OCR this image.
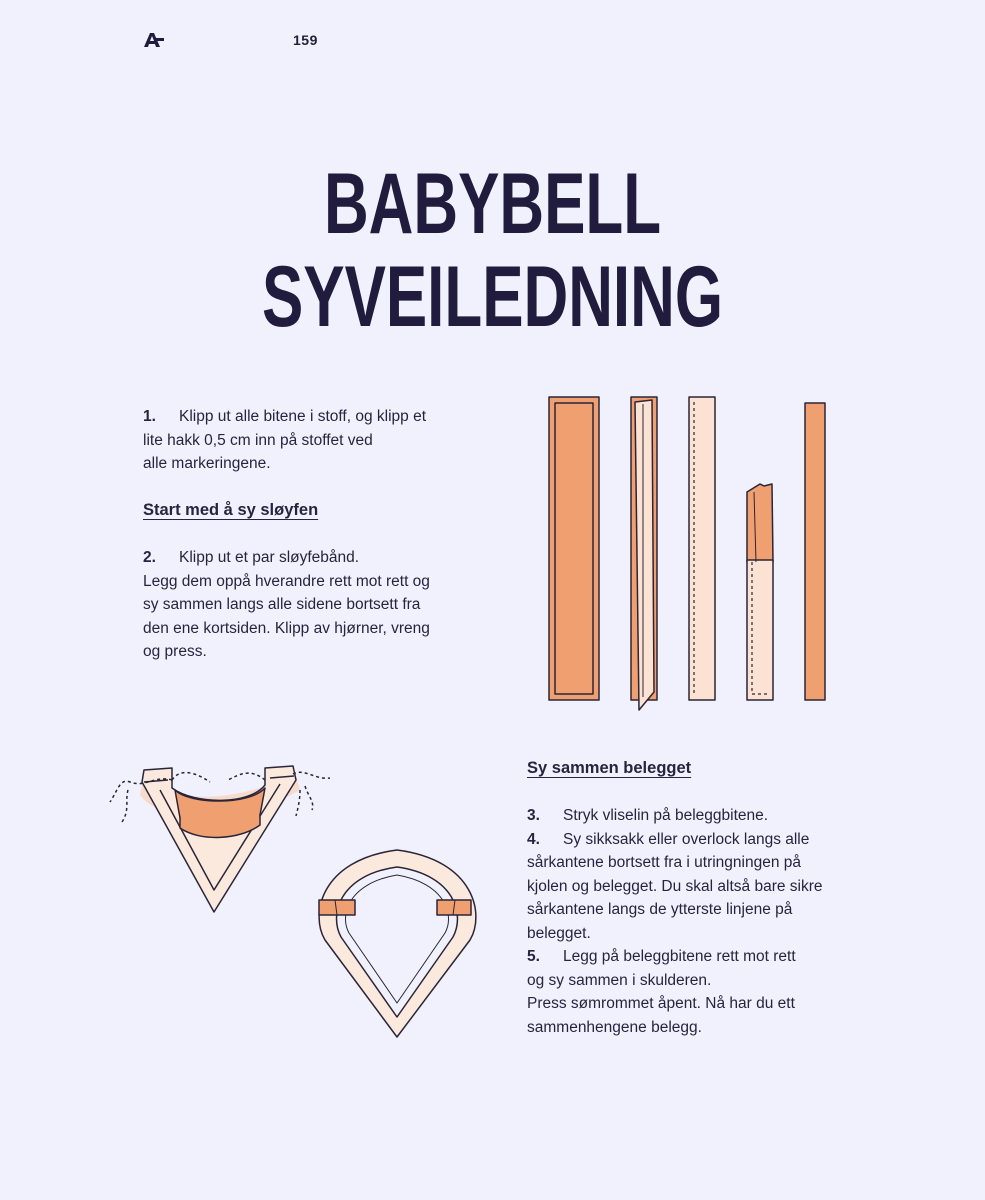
159
BABYBELL
SYVEILEDNING

1. Klipp ut alle bitene i stoff, og klipp et

lite hakk 0,5 cm inn på stoffet ved

alle markeringene.

Start med å sy sløyfen

2. Klipp ut et par sløyfebånd.

Legg dem oppå hverandre rett mot rett og

sy sammen langs alle sidene bortsett fra

den ene kortsiden. Klipp av hjørner, vreng

og press.

Sy sammen belegget

3. Stryk vliselin på beleggbitene.

4. Sy sikksakk eller overlock langs alle

sårkantene bortsett fra i utringningen på

kjolen og belegget. Du skal altså bare sikre

sårkantene langs de ytterste linjene på

belegget.

5. Legg på beleggbitene rett mot rett

og sy sammen i skulderen.

Press sømrommet åpent. Nå har du ett

sammenhengene belegg.
